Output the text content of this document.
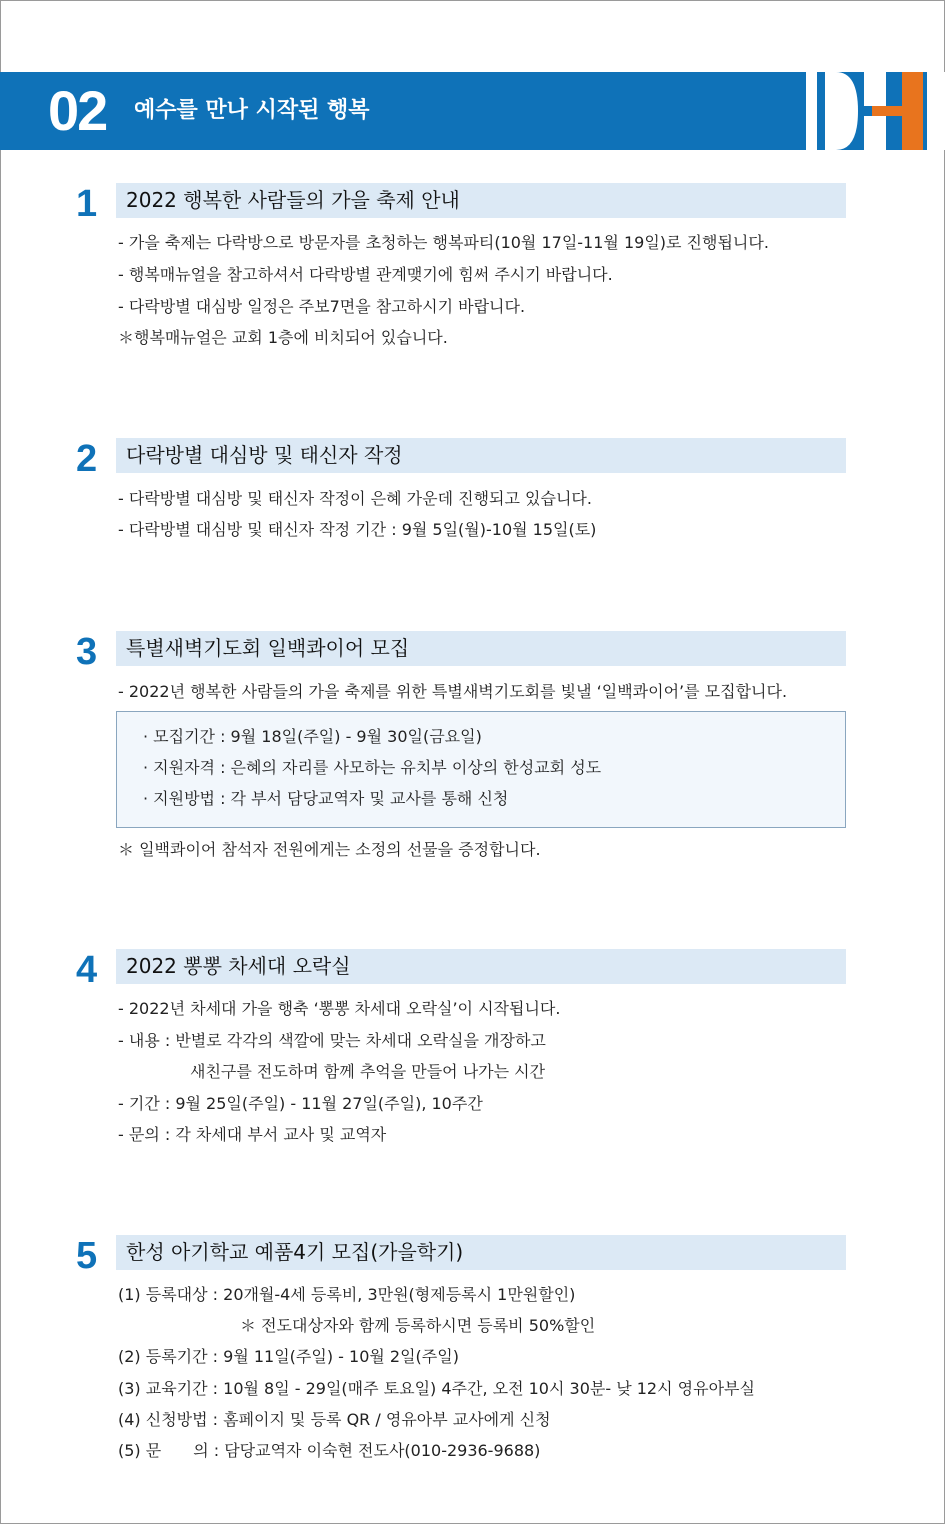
02 예수를 만나 시작된 행복
1	2022 행복한 사람들의 가을 축제 안내
- 가을 축제는 다락방으로 방문자를 초청하는 행복파티(10월 17일-11월 19일)로 진행됩니다.
- 행복매뉴얼을 참고하셔서 다락방별 관계맺기에 힘써 주시기 바랍니다.
- 다락방별 대심방 일정은 주보7면을 참고하시기 바랍니다.
＊행복매뉴얼은 교회 1층에 비치되어 있습니다.
2	다락방별 대심방 및 태신자 작정
- 다락방별 대심방 및 태신자 작정이 은혜 가운데 진행되고 있습니다.
- 다락방별 대심방 및 태신자 작정 기간 : 9월 5일(월)-10월 15일(토)
3	특별새벽기도회 일백콰이어 모집
- 2022년 행복한 사람들의 가을 축제를 위한 특별새벽기도회를 빛낼 ‘일백콰이어’를 모집합니다.
· 모집기간 : 9월 18일(주일) - 9월 30일(금요일)
· 지원자격 : 은혜의 자리를 사모하는 유치부 이상의 한성교회 성도
· 지원방법 : 각 부서 담당교역자 및 교사를 통해 신청
＊ 일백콰이어 참석자 전원에게는 소정의 선물을 증정합니다.
4	2022 뽕뽕 차세대 오락실
- 2022년 차세대 가을 행축 ‘뽕뽕 차세대 오락실’이 시작됩니다.
- 내용 : 반별로 각각의 색깔에 맞는 차세대 오락실을 개장하고
새친구를 전도하며 함께 추억을 만들어 나가는 시간
- 기간 : 9월 25일(주일) - 11월 27일(주일), 10주간
- 문의 : 각 차세대 부서 교사 및 교역자
5	한성 아기학교 예품4기 모집(가을학기)
(1) 등록대상 : 20개월-4세 등록비, 3만원(형제등록시 1만원할인)
＊ 전도대상자와 함께 등록하시면 등록비 50%할인
(2) 등록기간 : 9월 11일(주일) - 10월 2일(주일)
(3) 교육기간 : 10월 8일 - 29일(매주 토요일) 4주간, 오전 10시 30분- 낮 12시 영유아부실
(4) 신청방법 : 홈페이지 및 등록 QR / 영유아부 교사에게 신청
(5) 문　　의 : 담당교역자 이숙현 전도사(010-2936-9688)
